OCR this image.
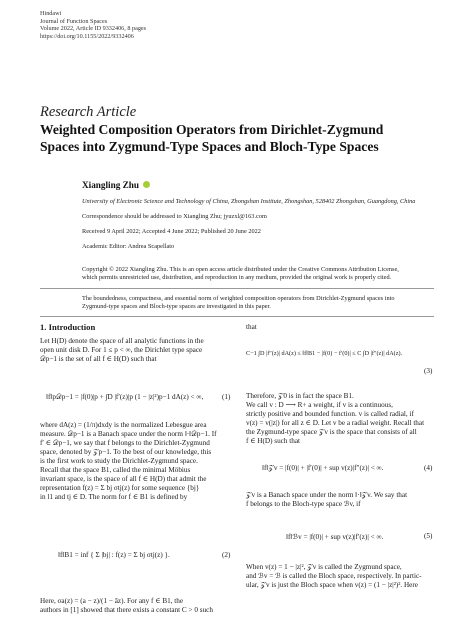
Hindawi
Journal of Function Spaces
Volume 2022, Article ID 9332406, 8 pages
https://doi.org/10.1155/2022/9332406
Research Article
Weighted Composition Operators from Dirichlet-Zygmund
Spaces into Zygmund-Type Spaces and Bloch-Type Spaces
Xiangling Zhu
University of Electronic Science and Technology of China, Zhongshan Institute, Zhongshan, 528402 Zhongshan, Guangdong, China
Correspondence should be addressed to Xiangling Zhu; jyuzxl@163.com
Received 9 April 2022; Accepted 4 June 2022; Published 20 June 2022
Academic Editor: Andrea Scapellato
Copyright © 2022 Xiangling Zhu. This is an open access article distributed under the Creative Commons Attribution License,
which permits unrestricted use, distribution, and reproduction in any medium, provided the original work is properly cited.
The boundedness, compactness, and essential norm of weighted composition operators from Dirichlet-Zygmund spaces into
Zygmund-type spaces and Bloch-type spaces are investigated in this paper.
1. Introduction
Let H(D) denote the space of all analytic functions in the
open unit disk D. For 1 ≤ p < ∞, the Dirichlet type space
𝒟p−1 is the set of all f ∈ H(D) such that
‖f‖p𝒟p−1 = |f(0)|p + ∫D |f′(z)|p (1 − |z|²)p−1 dA(z) < ∞,	(1)
where dA(z) = (1/π)dxdy is the normalized Lebesgue area
measure. 𝒟p−1 is a Banach space under the norm ‖·‖𝒟p−1. If
f′ ∈ 𝒟p−1, we say that f belongs to the Dirichlet-Zygmund
space, denoted by 𝒵p−1. To the best of our knowledge, this
is the first work to study the Dirichlet-Zygmund space.
Recall that the space B1, called the minimal Möbius
invariant space, is the space of all f ∈ H(D) that admit the
representation f(z) = Σ bj σtj(z) for some sequence {bj}
in l1 and tj ∈ D. The norm for f ∈ B1 is defined by
‖f‖B1 = inf { Σ |bj| : f(z) = Σ bj σtj(z) }.	(2)
Here, σa(z) = (a − z)/(1 − āz). For any f ∈ B1, the
authors in [1] showed that there exists a constant C > 0 such
that
C−1 ∫D |f″(z)| dA(z) ≤ ‖f‖B1 − |f(0) − f′(0)| ≤ C ∫D |f″(z)| dA(z).
(3)
Therefore, 𝒵0 is in fact the space B1.
We call v : D ⟶ R+ a weight, if v is a continuous,
strictly positive and bounded function. v is called radial, if
v(z) = v(|z|) for all z ∈ D. Let v be a radial weight. Recall that
the Zygmund-type space 𝒵v is the space that consists of all
f ∈ H(D) such that
‖f‖𝒵v = |f(0)| + |f′(0)| + sup v(z)|f″(z)| < ∞.	(4)
𝒵v is a Banach space under the norm ‖·‖𝒵v. We say that
f belongs to the Bloch-type space ℬv, if
‖f‖ℬv = |f(0)| + sup v(z)|f′(z)| < ∞.	(5)
When v(z) = 1 − |z|², 𝒵v is called the Zygmund space,
and ℬv = ℬ is called the Bloch space, respectively. In partic-
ular, 𝒵v is just the Bloch space when v(z) = (1 − |z|²)². Here
